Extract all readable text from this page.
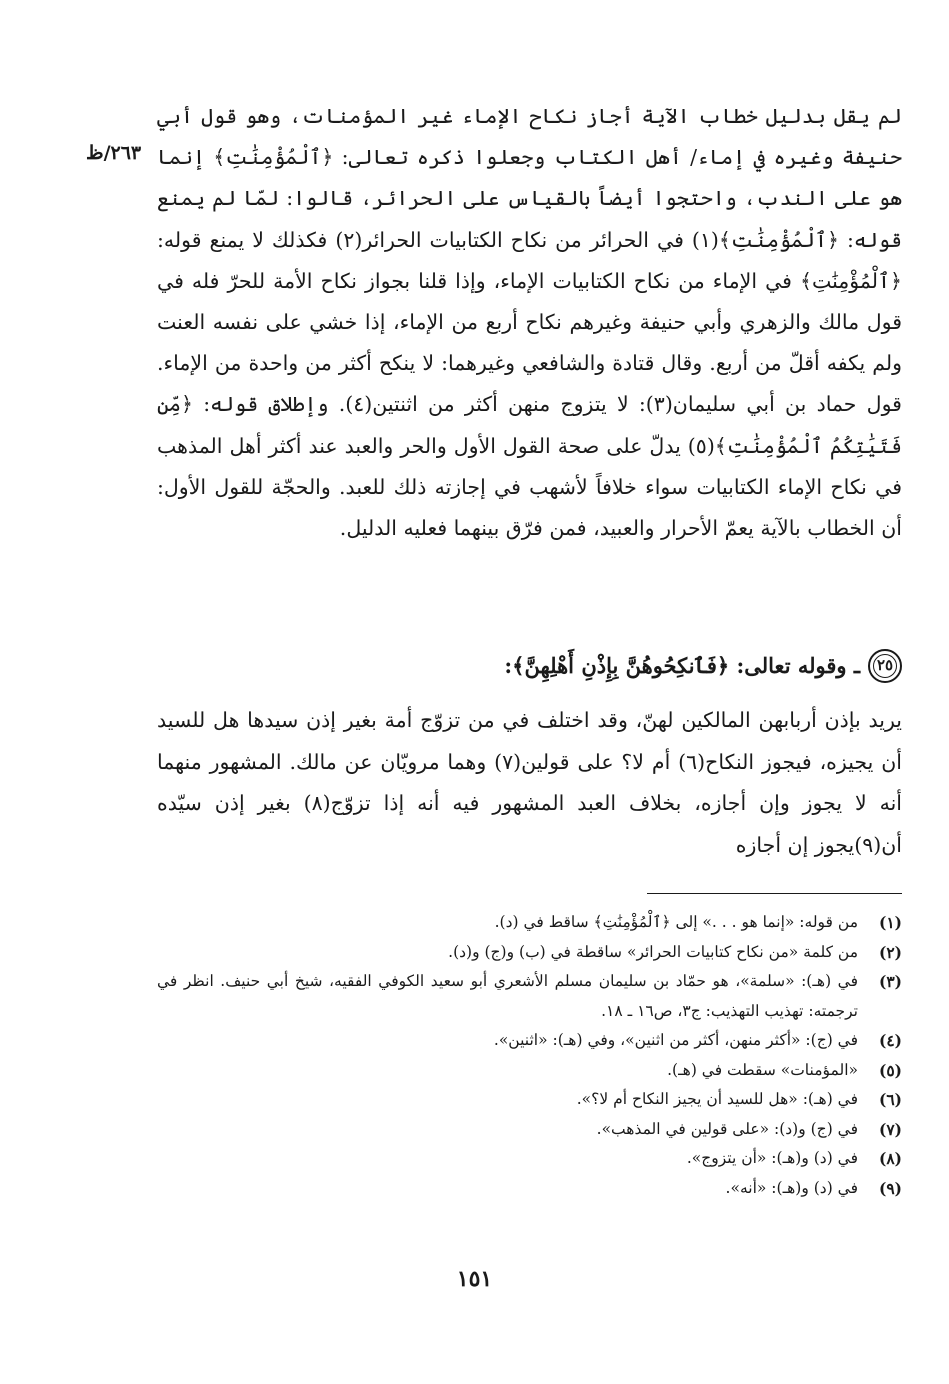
٢٦٣/ظ

لم يقل بدليل خطاب الآية أجاز نكاح الإماء غير المؤمنات، وهو قول أبي حنيفة وغيره في إماء/ أهل الكتاب وجعلوا ذكره تعالى: ﴿ٱلْمُؤْمِنَٰتِ﴾ إنما هو على الندب، واحتجوا أيضاً بالقياس على الحرائر، قالوا: لمّا لم يمنع قوله: ﴿ٱلْمُؤْمِنَٰتِ﴾(١) في الحرائر من نكاح الكتابيات الحرائر(٢) فكذلك لا يمنع قوله: ﴿ٱلْمُؤْمِنَٰتِ﴾ في الإماء من نكاح الكتابيات الإماء، وإذا قلنا بجواز نكاح الأمة للحرّ فله في قول مالك والزهري وأبي حنيفة وغيرهم نكاح أربع من الإماء، إذا خشي على نفسه العنت ولم يكفه أقلّ من أربع. وقال قتادة والشافعي وغيرهما: لا ينكح أكثر من واحدة من الإماء. قول حماد بن أبي سليمان(٣): لا يتزوج منهن أكثر من اثنتين(٤). وإطلاق قوله: ﴿مِّن فَتَيَٰتِكُمُ ٱلْمُؤْمِنَٰتِ﴾(٥) يدلّ على صحة القول الأول والحر والعبد عند أكثر أهل المذهب في نكاح الإماء الكتابيات سواء خلافاً لأشهب في إجازته ذلك للعبد. والحجّة للقول الأول: أن الخطاب بالآية يعمّ الأحرار والعبيد، فمن فرّق بينهما فعليه الدليل.

٢٥
ـ وقوله تعالى: ﴿فَٱنكِحُوهُنَّ بِإِذْنِ أَهْلِهِنَّ﴾:

يريد بإذن أربابهن المالكين لهنّ، وقد اختلف في من تزوّج أمة بغير إذن سيدها هل للسيد أن يجيزه، فيجوز النكاح(٦) أم لا؟ على قولين(٧) وهما مرويّان عن مالك. المشهور منهما أنه لا يجوز وإن أجازه، بخلاف العبد المشهور فيه أنه إذا تزوّج(٨) بغير إذن سيّده أن(٩)يجوز إن أجازه

(١)
من قوله: «إنما هو . . .» إلى ﴿ٱلْمُؤْمِنَٰتِ﴾ ساقط في (د).
(٢)
من كلمة «من نكاح كتابيات الحرائر» ساقطة في (ب) و(ج) و(د).
(٣)
في (هـ): «سلمة»، هو حمّاد بن سليمان مسلم الأشعري أبو سعيد الكوفي الفقيه، شيخ أبي حنيف. انظر في ترجمته: تهذيب التهذيب: ج٣، ص١٦ ـ ١٨.
(٤)
في (ج): «أكثر منهن، أكثر من اثنين»، وفي (هـ): «اثنين».
(٥)
«المؤمنات» سقطت في (هـ).
(٦)
في (هـ): «هل للسيد أن يجيز النكاح أم لا؟».
(٧)
في (ج) و(د): «على قولين في المذهب».
(٨)
في (د) و(هـ): «أن يتزوج».
(٩)
في (د) و(هـ): «أنه».
١٥١
